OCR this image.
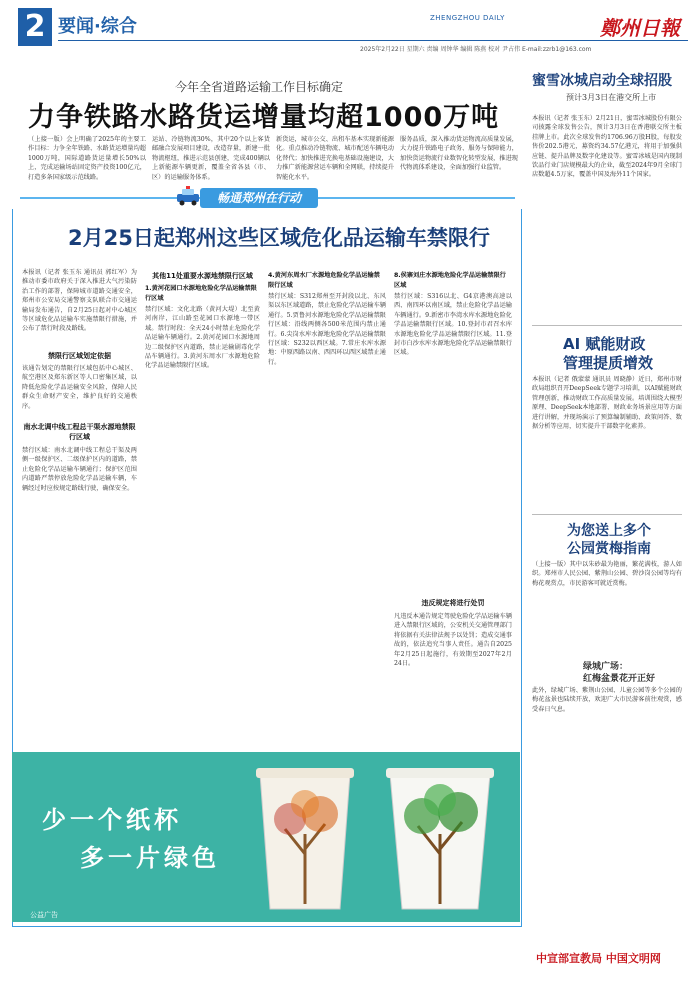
2 要闻·综合	ZHENGZHOU DAILY
2025年2月22日 星期六 责编 周钟华 编辑 陈燕 校对 尹占伟 E-mail:zzrb1@163.com
鄭州日報
今年全省道路运输工作目标确定
力争铁路水路货运增量均超1000万吨
（上接一版）会上明确了2025年的主要工作目标：力争全年铁路、水路货运增量均超1000万吨，国际道路货运量增长50%以上，完成运输场站固定资产投资100亿元，打造多条国家级示范线路。
运站、冷链物流30%，其中20个以上客货邮融合发展项目建设，改造存量，新建一批物流枢纽，推进示范县创建，完成400辆以上新能源车辆更新，覆盖全省各县（市、区）的运输服务体系。
新货运，城市公交、出租车基本实现新能源化。重点推动冷链物流、城市配送车辆电动化替代；加快推进充换电基础设施建设，大力推广新能源营运车辆和全网联，持续提升智能化水平。
服务品质，深入推动货运物流高质量发展，大力提升铁路电子政务、服务与保障能力，加快货运物流行业数智化转型发展，推进现代物流体系建设，全面加强行业监管。
畅通郑州在行动
2月25日起郑州这些区域危化品运输车禁限行
本报讯（记者 张玉东 通讯员 郭红军）为推动市委市政府关于深入推进大气污染防治工作的部署，保障城市道路交通安全，郑州市公安局交通警察支队联合市交通运输局发布通告，自2月25日起对中心城区等区域危化品运输车实施禁限行措施，并公布了禁行时段及路线。
禁限行区域划定依据
该通告划定的禁限行区域包括中心城区、航空港区及郑东新区等人口密集区域，以降低危险化学品运输安全风险，保障人民群众生命财产安全，维护良好的交通秩序。
南水北调中线工程总干渠水源地禁限行区域
禁行区域：南水北调中线工程总干渠及两侧一级保护区、二级保护区内的道路，禁止危险化学品运输车辆通行；保护区范围内道路严禁停放危险化学品运输车辆，车辆经过时应按规定路线行驶，确保安全。
其他11处重要水源地禁限行区域
1.黄河花园口水源地危险化学品运输禁限行区域
禁行区域：文化北路（黄河大堤）北至黄河南岸，江山路至花园口水源地一带区域。禁行时段：全天24小时禁止危险化学品运输车辆通行。2.黄河花园口水源地周边二级保护区内道路，禁止运输剧毒化学品车辆通行。3.黄河东周水厂水源地危险化学品运输禁限行区域。
4.黄河东周水厂水源地危险化学品运输禁限行区域
禁行区域：S312郑州至开封段以北、东风渠以东区域道路，禁止危险化学品运输车辆通行。5.贾鲁河水源地危险化学品运输禁限行区域：沿线两侧各500米范围内禁止通行。6.尖岗水库水源地危险化学品运输禁限行区域：S232以西区域。7.常庄水库水源地：中原西路以南、西四环以西区域禁止通行。
8.侯寨刘庄水源地危险化学品运输禁限行区域
禁行区域：S316以北、G4京港澳高速以西、南四环以南区域，禁止危险化学品运输车辆通行。9.新密市李湾水库水源地危险化学品运输禁限行区域。10.登封市君召水库水源地危险化学品运输禁限行区域。11.登封市白沙水库水源地危险化学品运输禁限行区域。
违反规定将进行处罚
凡违反本通告规定驾驶危险化学品运输车辆进入禁限行区域的，公安机关交通管理部门将依据有关法律法规予以处罚；造成交通事故的，依法追究当事人责任。通告自2025年2月25日起施行，有效期至2027年2月24日。
少一个纸杯
多一片绿色
公益广告
蜜雪冰城启动全球招股
预计3月3日在港交所上市
本报讯（记者 张玉东）2月21日，蜜雪冰城股份有限公司披露全球发售公告，预计3月3日在香港联交所主板挂牌上市。此次全球发售约1706.96万股H股，每股发售价202.5港元，募资约34.57亿港元，将用于加强供应链、提升品牌及数字化建设等。蜜雪冰城是国内现制饮品行业门店规模最大的企业，截至2024年9月全球门店数超4.5万家，覆盖中国及海外11个国家。
AI 赋能财政
管理提质增效
本报讯（记者 俄蒙蒙 通讯员 周晓静）近日，郑州市财政局组织召开DeepSeek专题学习培训，以AI赋能财政管理创新，推动财政工作高质量发展。培训围绕大模型原理、DeepSeek本地部署、财政业务场景应用等方面进行讲解，并现场演示了预算编制辅助、政策问答、数据分析等应用，切实提升干部数字化素养。
为您送上多个
公园赏梅指南
（上接一版）其中以朱砂最为艳丽，繁花满枝，游人如织。郑州市人民公园、紫荆山公园、碧沙岗公园等均有梅花观赏点，市民游客可就近赏梅。
绿城广场：
红梅盆景花开正好
此外，绿城广场、紫荆山公园、儿童公园等多个公园的梅花盆景也陆续开放，欢迎广大市民游客前往观赏，感受春日气息。
中宣部宣教局 中国文明网
